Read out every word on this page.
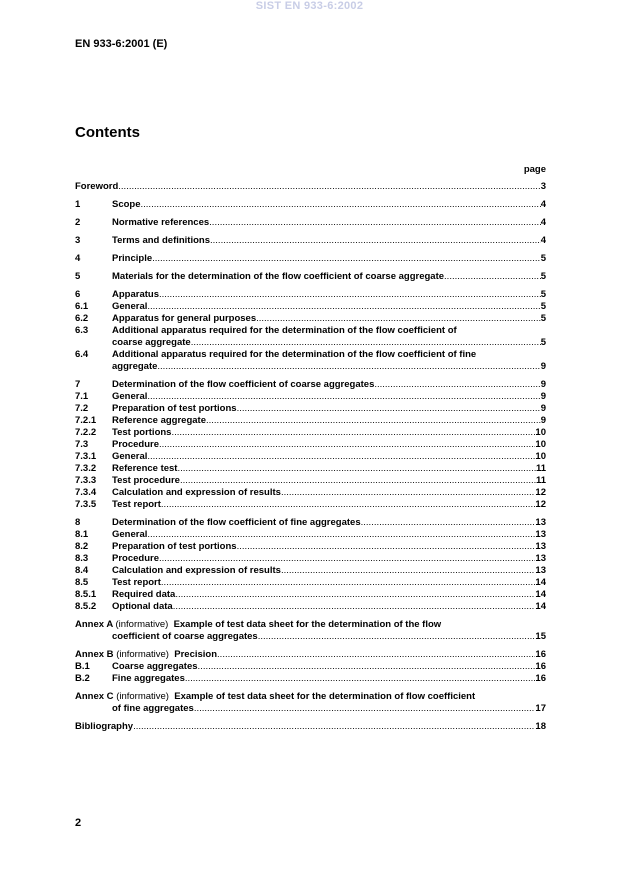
SIST EN 933-6:2002
EN 933-6:2001 (E)
Contents
page
Foreword .....	3
1	Scope .....	4
2	Normative references .....	4
3	Terms and definitions .....	4
4	Principle .....	5
5	Materials for the determination of the flow coefficient of coarse aggregate .....	5
6	Apparatus .....	5
6.1	General .....	5
6.2	Apparatus for general purposes .....	5
6.3	Additional apparatus required for the determination of the flow coefficient of
coarse aggregate .....	5
6.4	Additional apparatus required for the determination of the flow coefficient of fine
aggregate .....	9
7	Determination of the flow coefficient of coarse aggregates .....	9
7.1	General .....	9
7.2	Preparation of test portions .....	9
7.2.1	Reference aggregate .....	9
7.2.2	Test portions .....	10
7.3	Procedure .....	10
7.3.1	General .....	10
7.3.2	Reference test .....	11
7.3.3	Test procedure .....	11
7.3.4	Calculation and expression of results .....	12
7.3.5	Test report .....	12
8	Determination of the flow coefficient of fine aggregates .....	13
8.1	General .....	13
8.2	Preparation of test portions .....	13
8.3	Procedure .....	13
8.4	Calculation and expression of results .....	13
8.5	Test report .....	14
8.5.1	Required data .....	14
8.5.2	Optional data .....	14
Annex A (informative) Example of test data sheet for the determination of the flow
coefficient of coarse aggregates .....	15
Annex B (informative) Precision .....	16
B.1	Coarse aggregates .....	16
B.2	Fine aggregates .....	16
Annex C (informative) Example of test data sheet for the determination of flow coefficient
of fine aggregates .....	17
Bibliography .....	18
2
